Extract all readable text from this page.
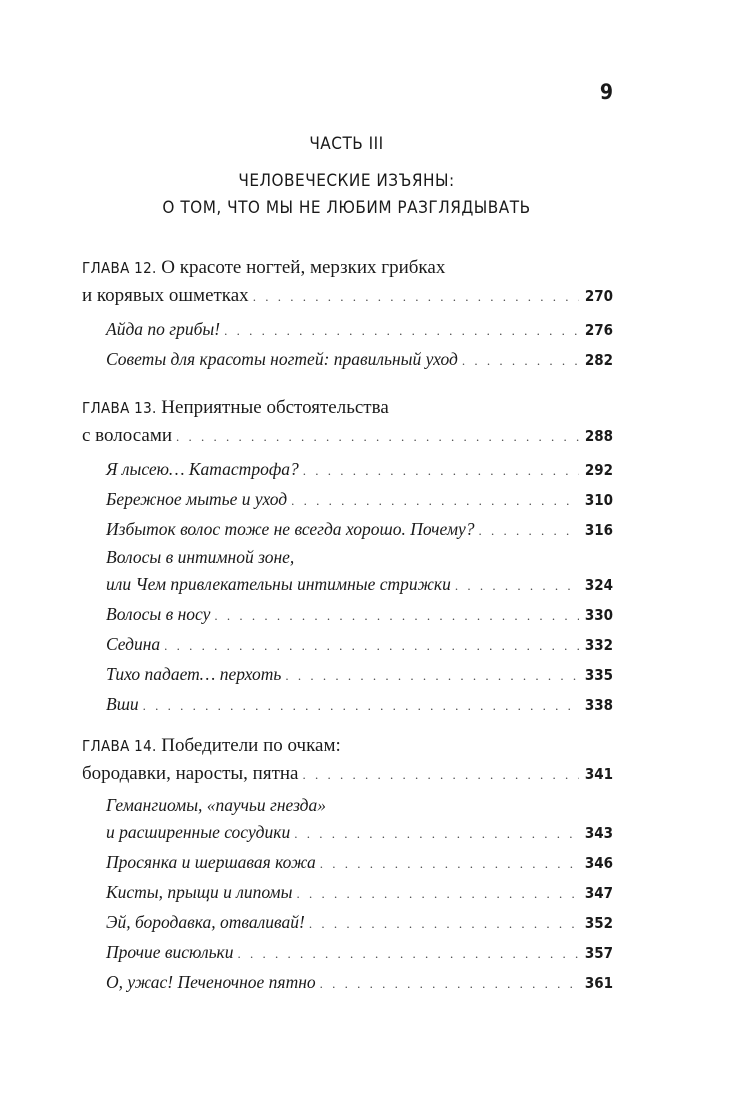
9
ЧАСТЬ III
ЧЕЛОВЕЧЕСКИЕ ИЗЪЯНЫ:
О ТОМ, ЧТО МЫ НЕ ЛЮБИМ РАЗГЛЯДЫВАТЬ
ГЛАВА 12. О красоте ногтей, мерзких грибках
и корявых ошметках . . .	270
Айда по грибы! . . .	276
Советы для красоты ногтей: правильный уход . . .	282
ГЛАВА 13. Неприятные обстоятельства
с волосами . . .	288
Я лысею… Катастрофа? . . .	292
Бережное мытье и уход . . .	310
Избыток волос тоже не всегда хорошо. Почему? . . .	316
Волосы в интимной зоне,
или Чем привлекательны интимные стрижки . . .	324
Волосы в носу . . .	330
Седина . . .	332
Тихо падает… перхоть . . .	335
Вши . . .	338
ГЛАВА 14. Победители по очкам:
бородавки, наросты, пятна . . .	341
Гемангиомы, «паучьи гнезда»
и расширенные сосудики . . .	343
Просянка и шершавая кожа . . .	346
Кисты, прыщи и липомы . . .	347
Эй, бородавка, отваливай! . . .	352
Прочие висюльки . . .	357
О, ужас! Печеночное пятно . . .	361
